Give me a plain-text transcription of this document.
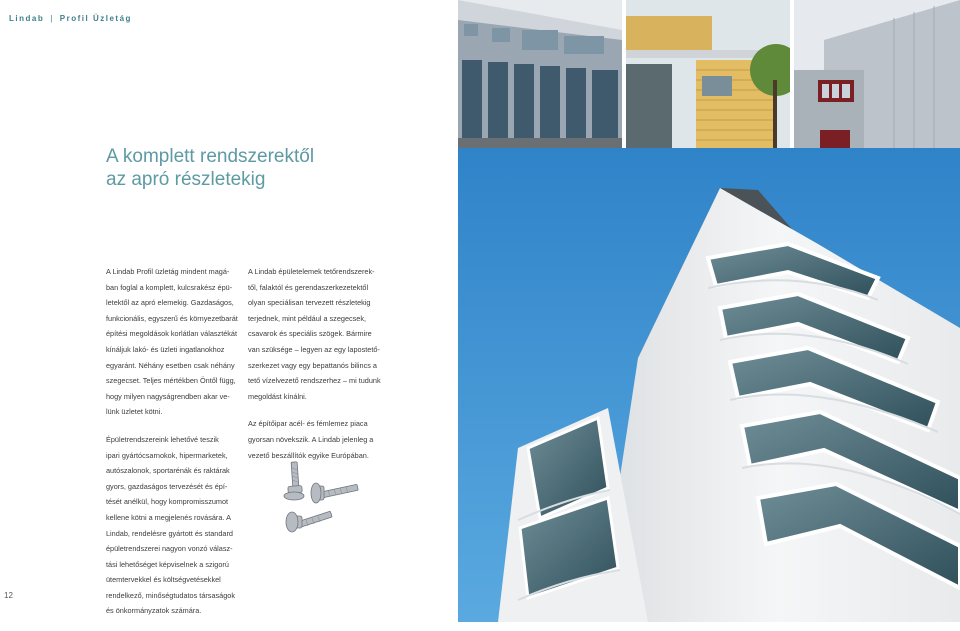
Lindab | Profil Üzletág
A komplett rendszerektől
az apró részletekig

A Lindab Profil üzletág mindent magá-
ban foglal a komplett, kulcsrakész épü-
letektől az apró elemekig. Gazdaságos,
funkcionális, egyszerű és környezetbarát
építési megoldások korlátlan választékát
kínáljuk lakó- és üzleti ingatlanokhoz
egyaránt. Néhány esetben csak néhány
szegecset. Teljes mértékben Öntől függ,
hogy milyen nagyságrendben akar ve-
lünk üzletet kötni.

Épületrendszereink lehetővé teszik
ipari gyártócsarnokok, hipermarketek,
autószalonok, sportarénák és raktárak
gyors, gazdaságos tervezését és épí-
tését anélkül, hogy kompromisszumot
kellene kötni a megjelenés rovására. A
Lindab, rendelésre gyártott és standard
épületrendszerei nagyon vonzó válasz-
tási lehetőséget képviselnek a szigorú
ütemtervekkel és költségvetésekkel
rendelkező, minőségtudatos társaságok
és önkormányzatok számára.

A Lindab épületelemek tetőrendszerek-
től, falaktól és gerendaszerkezetektől
olyan speciálisan tervezett részletekig
terjednek, mint például a szegecsek,
csavarok és speciális szögek. Bármire
van szüksége – legyen az egy lapostető-
szerkezet vagy egy bepattanós bilincs a
tető vízelvezető rendszerhez – mi tudunk
megoldást kínálni.

Az építőipar acél- és fémlemez piaca
gyorsan növekszik. A Lindab jelenleg a
vezető beszállítók egyike Európában.

12
